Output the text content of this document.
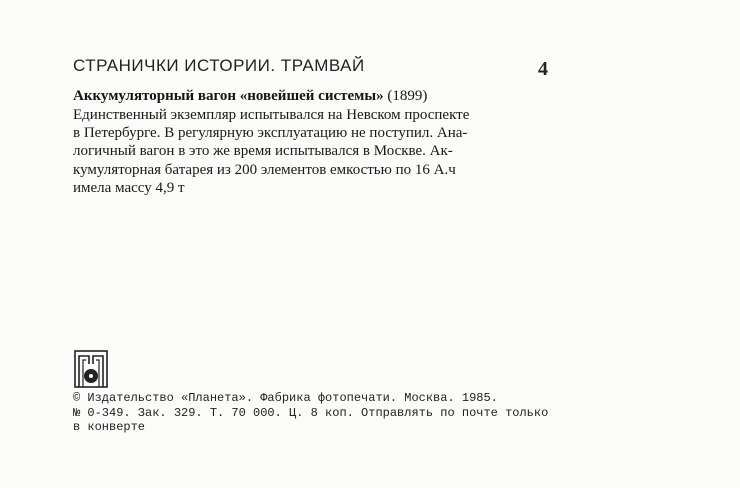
СТРАНИЧКИ ИСТОРИИ. ТРАМВАЙ	4
Аккумуляторный вагон «новейшей системы» (1899)
Единственный экземпляр испытывался на Невском проспекте
в Петербурге. В регулярную эксплуатацию не поступил. Ана-
логичный вагон в это же время испытывался в Москве. Ак-
кумуляторная батарея из 200 элементов емкостью по 16 А.ч
имела массу 4,9 т
© Издательство «Планета». Фабрика фотопечати. Москва. 1985.
№ 0-349. Зак. 329. Т. 70 000. Ц. 8 коп. Отправлять по почте только
в конверте
